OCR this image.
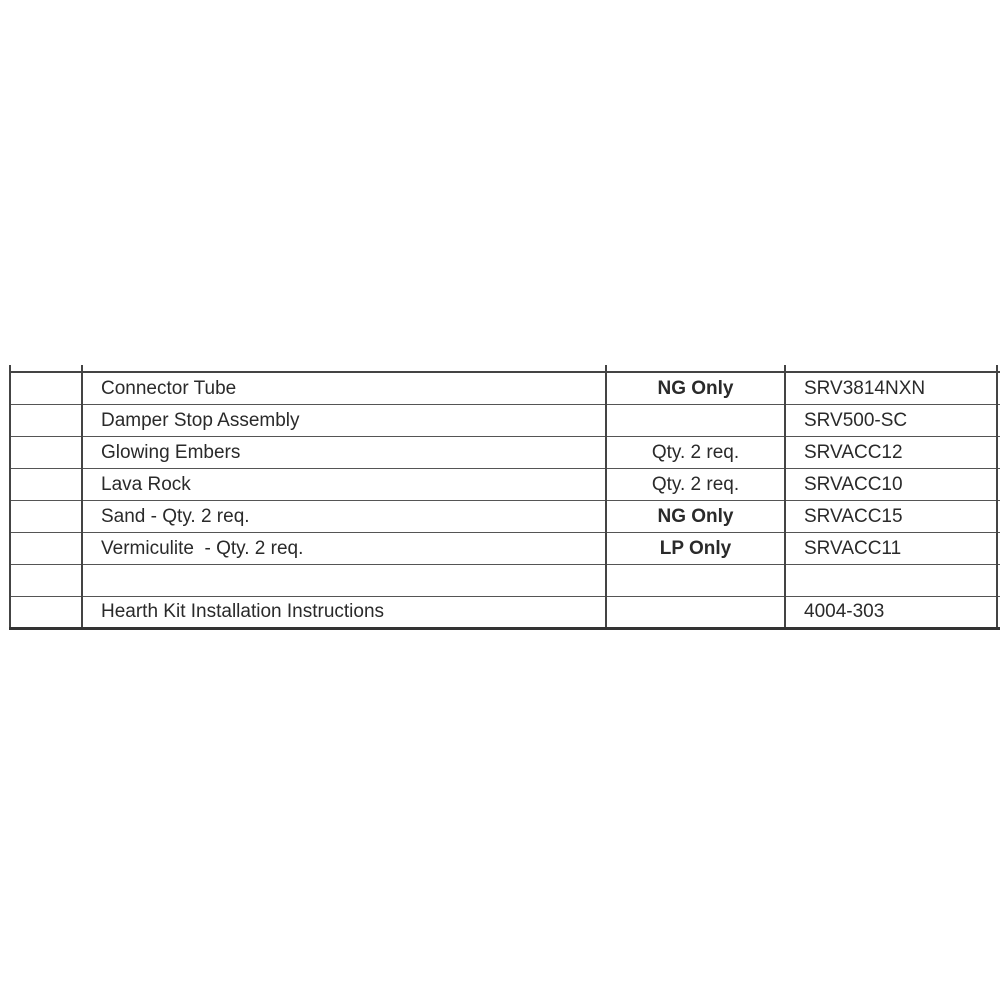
	Connector Tube	NG Only	SRV3814NXN	
	Damper Stop Assembly		SRV500-SC	
	Glowing Embers	Qty. 2 req.	SRVACC12	
	Lava Rock	Qty. 2 req.	SRVACC10	
	Sand - Qty. 2 req.	NG Only	SRVACC15	
	Vermiculite  - Qty. 2 req.	LP Only	SRVACC11	

	Hearth Kit Installation Instructions		4004-303	
